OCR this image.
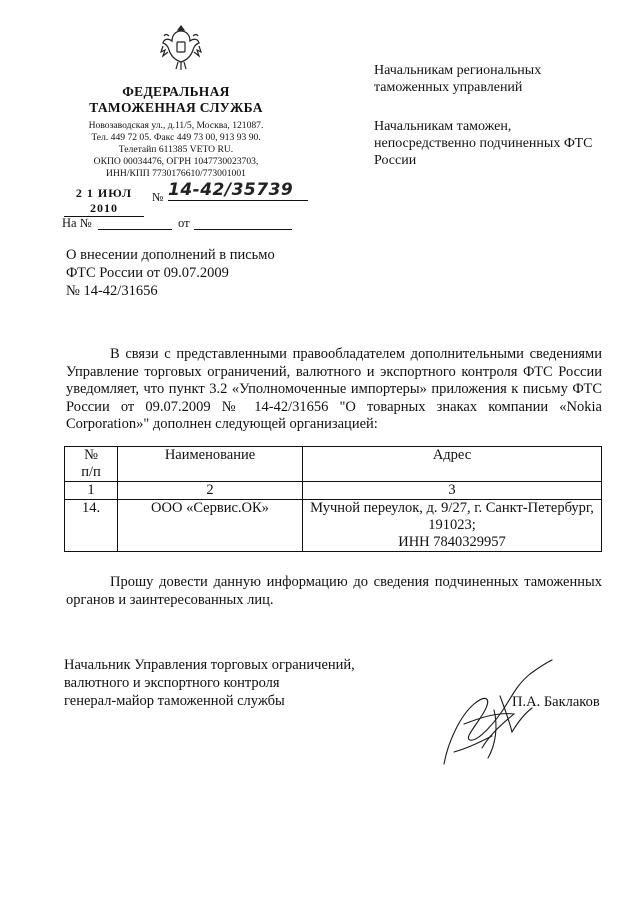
ФЕДЕРАЛЬНАЯ
ТАМОЖЕННАЯ СЛУЖБА
Новозаводская ул., д.11/5, Москва, 121087.
Тел. 449 72 05. Факс 449 73 00, 913 93 90.
Телетайп 611385 VETO RU.
ОКПО 00034476, ОГРН 1047730023703,
ИНН/КПП 7730176610/773001001
2 1 ИЮЛ 2010
№ 14-42/35739
На №	от
Начальникам региональных таможенных управлений
Начальникам таможен, непосредственно подчиненных ФТС России
О внесении дополнений в письмо
ФТС России от 09.07.2009
№ 14-42/31656
В связи с представленными правообладателем дополнительными сведениями Управление торговых ограничений, валютного и экспортного контроля ФТС России уведомляет, что пункт 3.2 «Уполномоченные импортеры» приложения к письму ФТС России от 09.07.2009 № 14-42/31656 "О товарных знаках компании «Nokia Corporation»" дополнен следующей организацией:
№
п/п	Наименование	Адрес
1	2	3
14.	ООО «Сервис.ОК»	Мучной переулок, д. 9/27, г. Санкт-Петербург,
191023;
ИНН 7840329957
Прошу довести данную информацию до сведения подчиненных таможенных органов и заинтересованных лиц.
Начальник Управления торговых ограничений,
валютного и экспортного контроля
генерал-майор таможенной службы	П.А. Баклаков
